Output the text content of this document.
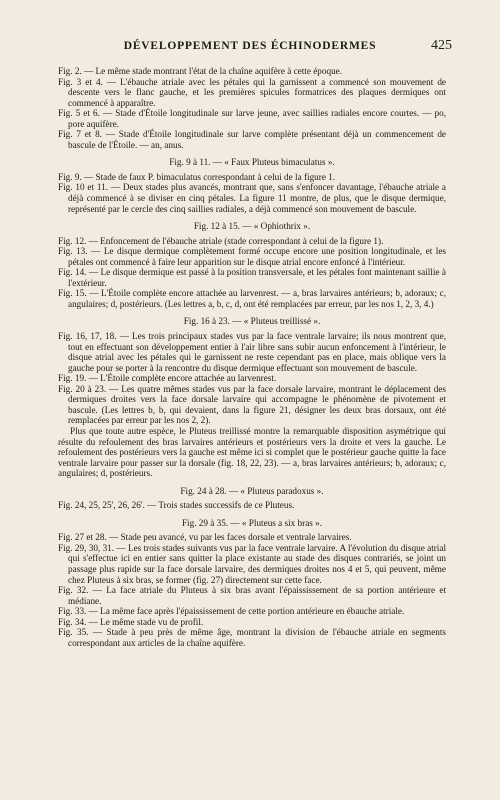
DÉVELOPPEMENT DES ÉCHINODERMES	425

Fig. 2. — Le même stade montrant l'état de la chaîne aquifère à cette époque.

Fig. 3 et 4. — L'ébauche atriale avec les pétales qui la garnissent a commencé son mouvement de descente vers le flanc gauche, et les premières spicules formatrices des plaques dermiques ont commencé à apparaître.

Fig. 5 et 6. — Stade d'Étoile longitudinale sur larve jeune, avec saillies radiales encore courtes. — po, pore aquifère.

Fig. 7 et 8. — Stade d'Étoile longitudinale sur larve complète présentant déjà un commencement de bascule de l'Étoile. — an, anus.

Fig. 9 à 11. — « Faux Pluteus bimaculatus ».

Fig. 9. — Stade de faux P. bimaculatus correspondant à celui de la figure 1.

Fig. 10 et 11. — Deux stades plus avancés, montrant que, sans s'enfoncer davantage, l'ébauche atriale a déjà commencé à se diviser en cinq pétales. La figure 11 montre, de plus, que le disque dermique, représenté par le cercle des cinq saillies radiales, a déjà commencé son mouvement de bascule.

Fig. 12 à 15. — « Ophiothrix ».

Fig. 12. — Enfoncement de l'ébauche atriale (stade correspondant à celui de la figure 1).

Fig. 13. — Le disque dermique complètement formé occupe encore une position longitudinale, et les pétales ont commencé à faire leur apparition sur le disque atrial encore enfoncé à l'intérieur.

Fig. 14. — Le disque dermique est passé à la position transversale, et les pétales font maintenant saillie à l'extérieur.

Fig. 15. — L'Étoile complète encore attachée au larvenrest. — a, bras larvaires antérieurs; b, adoraux; c, angulaires; d, postérieurs. (Les lettres a, b, c, d, ont été remplacées par erreur, par les nos 1, 2, 3, 4.)

Fig. 16 à 23. — « Pluteus treillissé ».

Fig. 16, 17, 18. — Les trois principaux stades vus par la face ventrale larvaire; ils nous montrent que, tout en effectuant son développement entier à l'air libre sans subir aucun enfoncement à l'intérieur, le disque atrial avec les pétales qui le garnissent ne reste cependant pas en place, mais oblique vers la gauche pour se porter à la rencontre du disque dermique effectuant son mouvement de bascule.

Fig. 19. — L'Étoile complète encore attachée au larvenrest.

Fig. 20 à 23. — Les quatre mêmes stades vus par la face dorsale larvaire, montrant le déplacement des dermiques droites vers la face dorsale larvaire qui accompagne le phénomène de pivotement et bascule. (Les lettres b, b, qui devaient, dans la figure 21, désigner les deux bras dorsaux, ont été remplacées par erreur par les nos 2, 2).

Plus que toute autre espèce, le Pluteus treillissé montre la remarquable disposition asymétrique qui résulte du refoulement des bras larvaires antérieurs et postérieurs vers la droite et vers la gauche. Le refoulement des postérieurs vers la gauche est même ici si complet que le postérieur gauche quitte la face ventrale larvaire pour passer sur la dorsale (fig. 18, 22, 23). — a, bras larvaires antérieurs; b, adoraux; c, angulaires; d, postérieurs.

Fig. 24 à 28. — « Pluteus paradoxus ».

Fig. 24, 25, 25', 26, 26'. — Trois stades successifs de ce Pluteus.

Fig. 29 à 35. — « Pluteus a six bras ».

Fig. 27 et 28. — Stade peu avancé, vu par les faces dorsale et ventrale larvaires.

Fig. 29, 30, 31. — Les trois stades suivants vus par la face ventrale larvaire. A l'évolution du disque atrial qui s'effectue ici en entier sans quitter la place existante au stade des disques contrariés, se joint un passage plus rapide sur la face dorsale larvaire, des dermiques droites nos 4 et 5, qui peuvent, même chez Pluteus à six bras, se former (fig. 27) directement sur cette face.

Fig. 32. — La face atriale du Pluteus à six bras avant l'épaississement de sa portion antérieure et médiane.

Fig. 33. — La même face après l'épaississement de cette portion antérieure en ébauche atriale.

Fig. 34. — Le même stade vu de profil.

Fig. 35. — Stade à peu près de même âge, montrant la division de l'ébauche atriale en segments correspondant aux articles de la chaîne aquifère.
